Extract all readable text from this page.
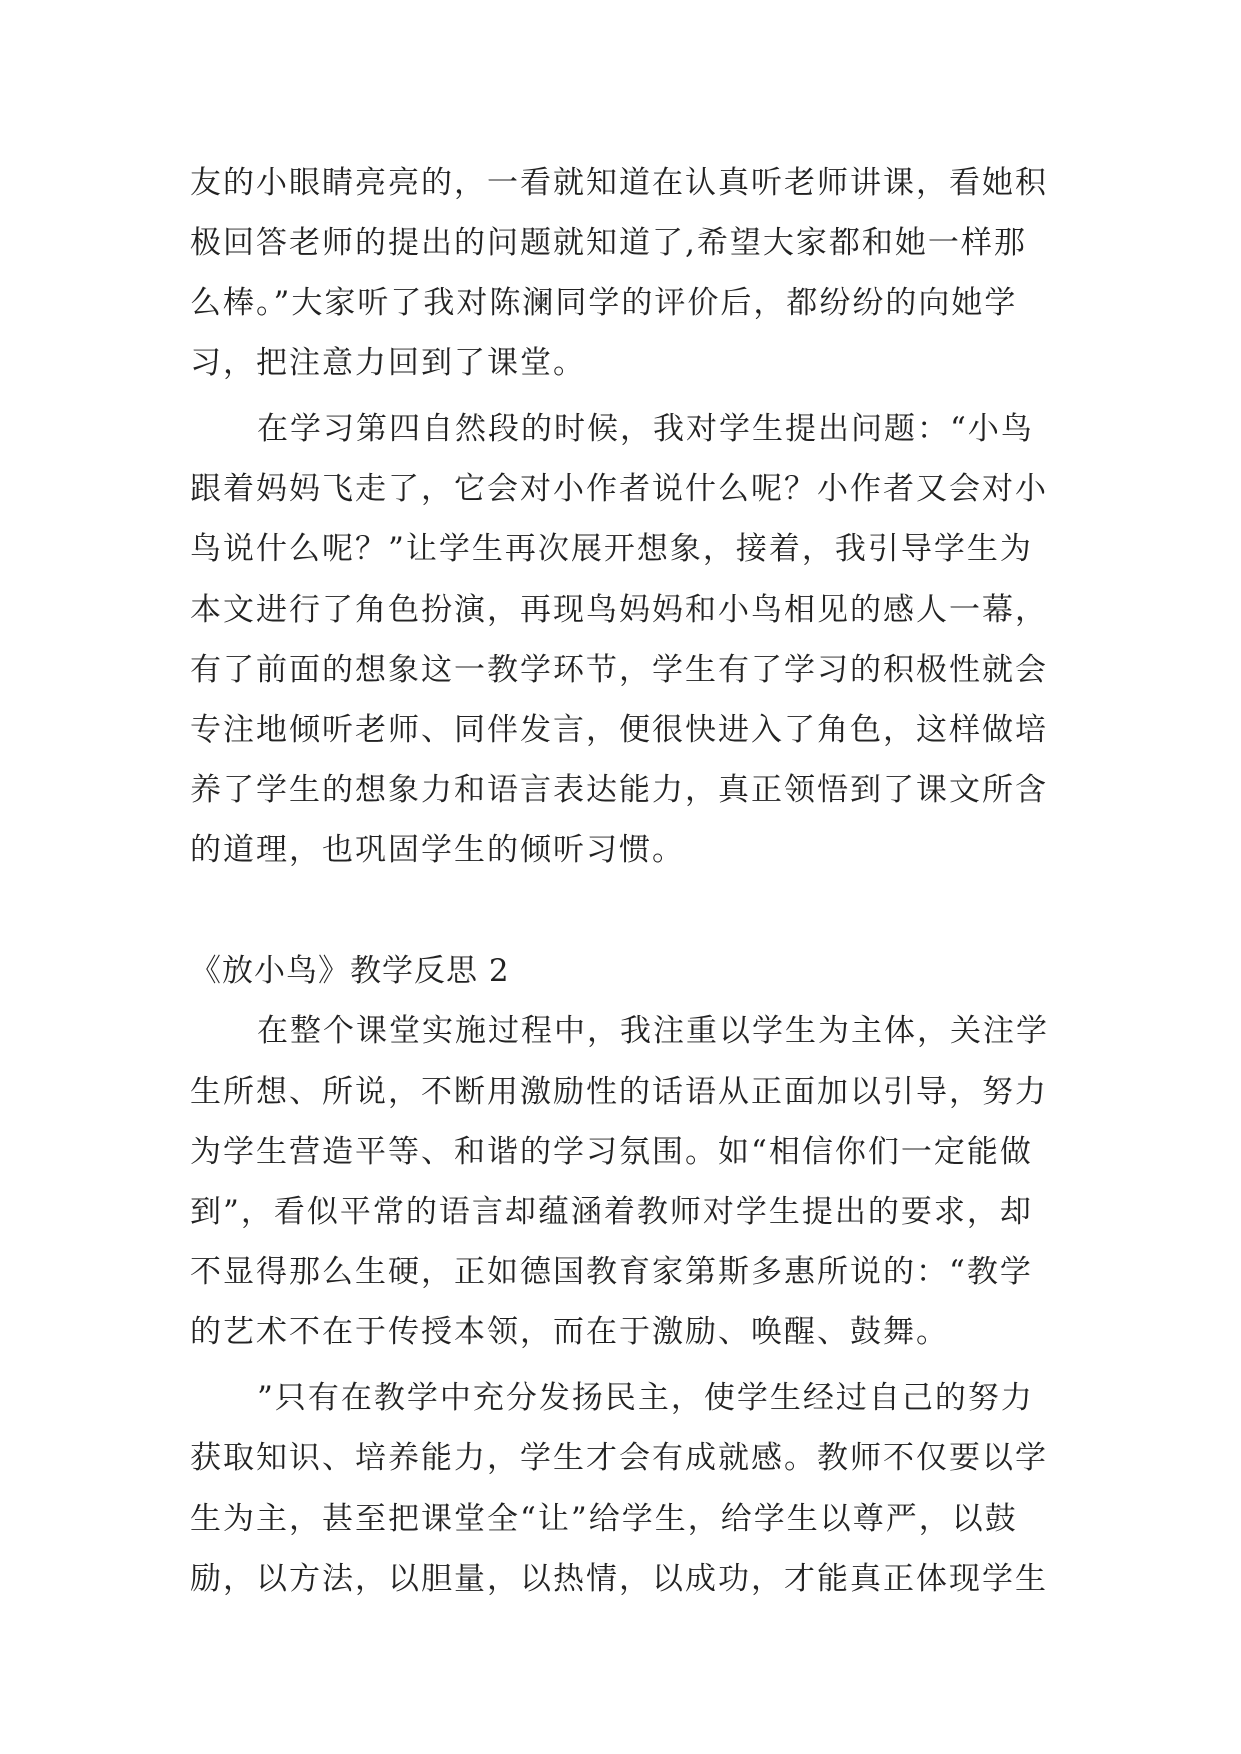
友的小眼睛亮亮的，一看就知道在认真听老师讲课，看她积
极回答老师的提出的问题就知道了,希望大家都和她一样那
么棒。”大家听了我对陈澜同学的评价后，都纷纷的向她学
习，把注意力回到了课堂。
在学习第四自然段的时候，我对学生提出问题：“小鸟
跟着妈妈飞走了，它会对小作者说什么呢？小作者又会对小
鸟说什么呢？”让学生再次展开想象，接着，我引导学生为
本文进行了角色扮演，再现鸟妈妈和小鸟相见的感人一幕，
有了前面的想象这一教学环节，学生有了学习的积极性就会
专注地倾听老师、同伴发言，便很快进入了角色，这样做培
养了学生的想象力和语言表达能力，真正领悟到了课文所含
的道理，也巩固学生的倾听习惯。
《放小鸟》教学反思 2
在整个课堂实施过程中，我注重以学生为主体，关注学
生所想、所说，不断用激励性的话语从正面加以引导，努力
为学生营造平等、和谐的学习氛围。如“相信你们一定能做
到”，看似平常的语言却蕴涵着教师对学生提出的要求，却
不显得那么生硬，正如德国教育家第斯多惠所说的：“教学
的艺术不在于传授本领，而在于激励、唤醒、鼓舞。
”只有在教学中充分发扬民主，使学生经过自己的努力
获取知识、培养能力，学生才会有成就感。教师不仅要以学
生为主，甚至把课堂全“让”给学生，给学生以尊严，以鼓
励，以方法，以胆量，以热情，以成功，才能真正体现学生
